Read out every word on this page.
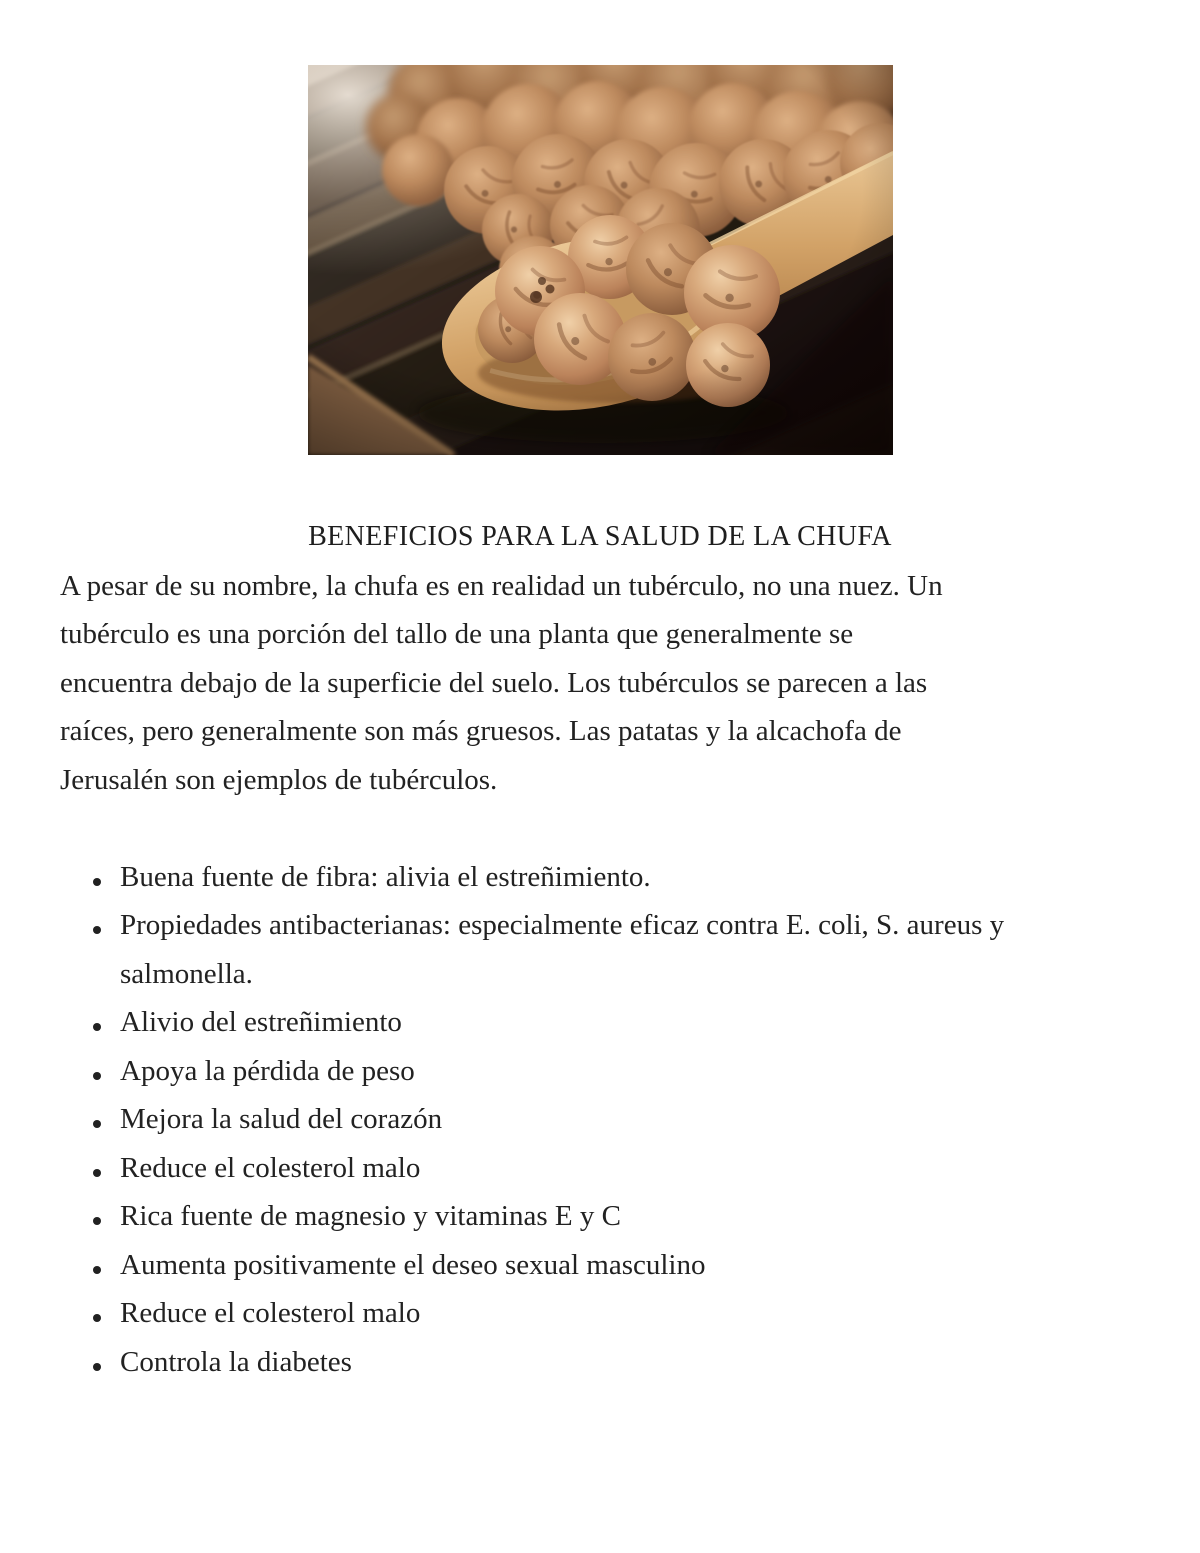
BENEFICIOS PARA LA SALUD DE LA CHUFA
A pesar de su nombre, la chufa es en realidad un tubérculo, no una nuez. Un
tubérculo es una porción del tallo de una planta que generalmente se
encuentra debajo de la superficie del suelo. Los tubérculos se parecen a las
raíces, pero generalmente son más gruesos. Las patatas y la alcachofa de
Jerusalén son ejemplos de tubérculos.
Buena fuente de fibra: alivia el estreñimiento.
Propiedades antibacterianas: especialmente eficaz contra E. coli, S. aureus y salmonella.
Alivio del estreñimiento
Apoya la pérdida de peso
Mejora la salud del corazón
Reduce el colesterol malo
Rica fuente de magnesio y vitaminas E y C
Aumenta positivamente el deseo sexual masculino
Reduce el colesterol malo
Controla la diabetes
